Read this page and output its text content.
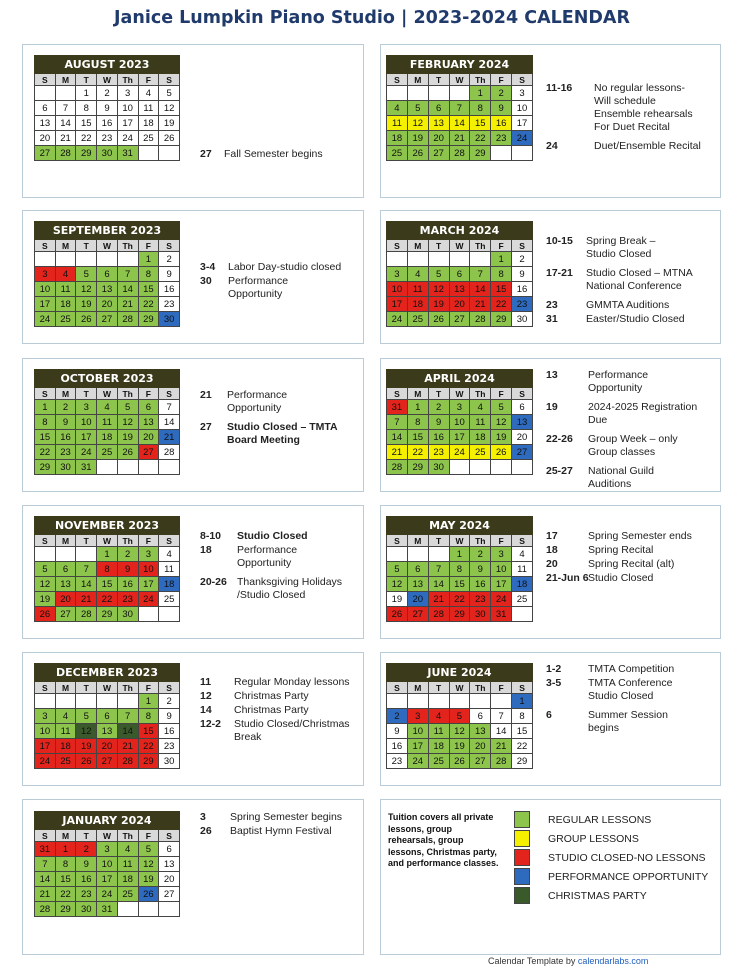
Janice Lumpkin Piano Studio | 2023-2024 CALENDAR
AUGUST 2023						
S	M	T	W	Th	F	S
		1	2	3	4	5
6	7	8	9	10	11	12
13	14	15	16	17	18	19
20	21	22	23	24	25	26
27	28	29	30	31		
FEBRUARY 2024						
S	M	T	W	Th	F	S
				1	2	3
4	5	6	7	8	9	10
11	12	13	14	15	16	17
18	19	20	21	22	23	24
25	26	27	28	29		
SEPTEMBER 2023						
S	M	T	W	Th	F	S
					1	2
3	4	5	6	7	8	9
10	11	12	13	14	15	16
17	18	19	20	21	22	23
24	25	26	27	28	29	30
MARCH 2024						
S	M	T	W	Th	F	S
					1	2
3	4	5	6	7	8	9
10	11	12	13	14	15	16
17	18	19	20	21	22	23
24	25	26	27	28	29	30
OCTOBER 2023						
S	M	T	W	Th	F	S
1	2	3	4	5	6	7
8	9	10	11	12	13	14
15	16	17	18	19	20	21
22	23	24	25	26	27	28
29	30	31				
APRIL 2024						
S	M	T	W	Th	F	S
31	1	2	3	4	5	6
7	8	9	10	11	12	13
14	15	16	17	18	19	20
21	22	23	24	25	26	27
28	29	30				
NOVEMBER 2023						
S	M	T	W	Th	F	S
			1	2	3	4
5	6	7	8	9	10	11
12	13	14	15	16	17	18
19	20	21	22	23	24	25
26	27	28	29	30		
MAY 2024						
S	M	T	W	Th	F	S
			1	2	3	4
5	6	7	8	9	10	11
12	13	14	15	16	17	18
19	20	21	22	23	24	25
26	27	28	29	30	31	
DECEMBER 2023						
S	M	T	W	Th	F	S
					1	2
3	4	5	6	7	8	9
10	11	12	13	14	15	16
17	18	19	20	21	22	23
24	25	26	27	28	29	30
JUNE 2024						
S	M	T	W	Th	F	S
						1
2	3	4	5	6	7	8
9	10	11	12	13	14	15
16	17	18	19	20	21	22
23	24	25	26	27	28	29
JANUARY 2024						
S	M	T	W	Th	F	S
31	1	2	3	4	5	6
7	8	9	10	11	12	13
14	15	16	17	18	19	20
21	22	23	24	25	26	27
28	29	30	31			
27 Fall Semester begins
11-16 No regular lessons-
Will schedule
Ensemble rehearsals
For Duet Recital
24	Duet/Ensemble Recital
3-4 Labor Day-studio closed
30 Performance
Opportunity
10-15 Spring Break –
Studio Closed
17-21 Studio Closed – MTNA
National Conference
23	GMMTA Auditions
31	Easter/Studio Closed
21 Performance
Opportunity
27 Studio Closed – TMTA
Board Meeting
13	Performance
Opportunity
19	2024-2025 Registration
Due
22-26 Group Week – only
Group classes
25-27 National Guild
Auditions
8-10 Studio Closed
18 Performance
Opportunity
20-26 Thanksgiving Holidays
/Studio Closed
17	Spring Semester ends
18	Spring Recital
20	Spring Recital (alt)
21-Jun 6 Studio Closed
11 Regular Monday lessons
12 Christmas Party
14 Christmas Party
12-2 Studio Closed/Christmas
Break
1-2	TMTA Competition
3-5	TMTA Conference
Studio Closed
6	Summer Session
begins
3 Spring Semester begins
26 Baptist Hymn Festival
Tuition covers all private lessons, group rehearsals, group lessons, Christmas party, and performance classes.
REGULAR LESSONS
GROUP LESSONS
STUDIO CLOSED-NO LESSONS
PERFORMANCE OPPORTUNITY
CHRISTMAS PARTY
Calendar Template by calendarlabs.com
